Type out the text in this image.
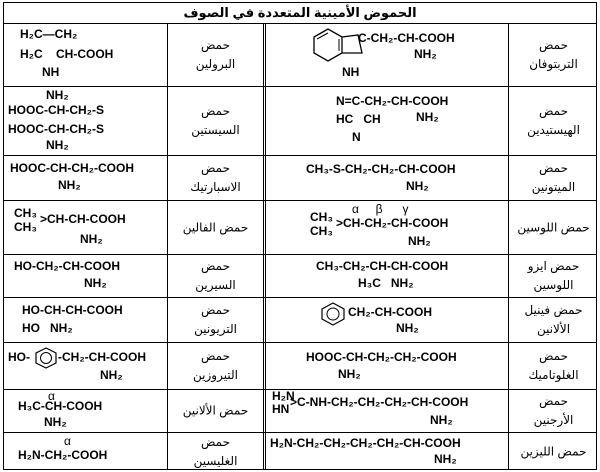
الحموض الأمينية المتعددة في الصوف
حمض
التربتوفان
C-CH₂-CH-COOH
NH₂
NH
حمض
البرولين
H₂C—CH₂
H₂C    CH-COOH
NH
حمض
الهيستيدين
N=C-CH₂-CH-COOH
NH₂
HC   CH
N
حمض
السيستين
NH₂
HOOC-CH-CH₂-S
HOOC-CH-CH₂-S
NH₂
حمض
الميتونين
CH₃-S-CH₂-CH₂-CH-COOH
NH₂
حمض
الاسبارتيك
HOOC-CH-CH₂-COOH
NH₂
حمض اللوسين
α     β      γ
CH₃ >CH-CH₂-CH-COOH
CH₃
NH₂
حمض الفالين
CH₃ >CH-CH-COOH
CH₃
NH₂
حمض ايزو
اللوسين
CH₃-CH₂-CH-CH-COOH
H₃C   NH₂
حمض
السيرين
HO-CH₂-CH-COOH
NH₂
حمض فينيل
الألانين
CH₂-CH-COOH
NH₂
حمض
التريونين
HO-CH-CH-COOH
HO   NH₂
حمض
الغلوتاميك
HOOC-CH-CH₂-CH₂-COOH
NH₂
حمض
التيروزين
HO- -CH₂-CH-COOH
NH₂
حمض
الأرجنين
H₂N
HN >C-NH-CH₂-CH₂-CH₂-CH-COOH
NH₂
حمض الألانين
α
H₃C-CH-COOH
NH₂
حمض الليزين
H₂N-CH₂-CH₂-CH₂-CH₂-CH-COOH
NH₂
حمض
الغليسين
α
H₂N-CH₂-COOH
